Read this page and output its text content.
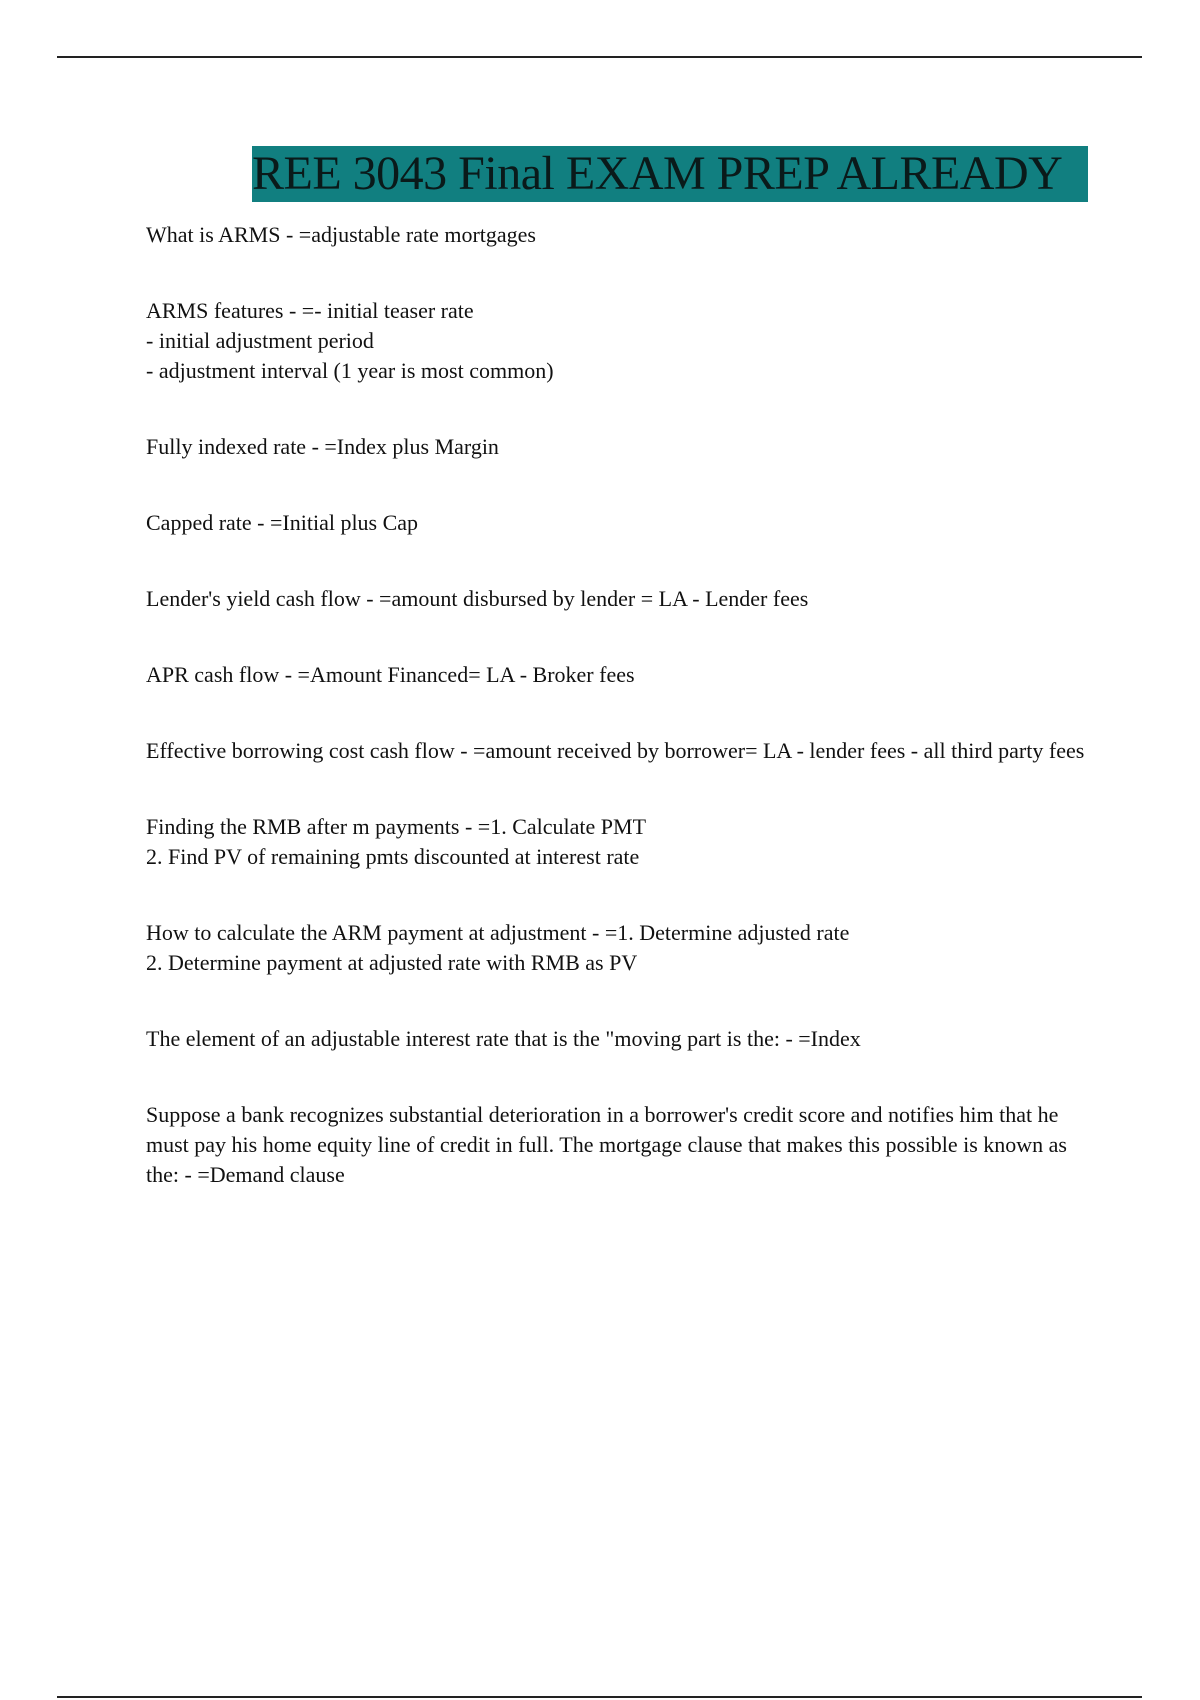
REE 3043 Final EXAM PREP ALREADY

What is ARMS - =adjustable rate mortgages

ARMS features - =- initial teaser rate

- initial adjustment period

- adjustment interval (1 year is most common)

Fully indexed rate - =Index plus Margin

Capped rate - =Initial plus Cap

Lender's yield cash flow - =amount disbursed by lender = LA - Lender fees

APR cash flow - =Amount Financed= LA - Broker fees

Effective borrowing cost cash flow - =amount received by borrower= LA - lender fees - all third party fees

Finding the RMB after m payments - =1. Calculate PMT

2. Find PV of remaining pmts discounted at interest rate

How to calculate the ARM payment at adjustment - =1. Determine adjusted rate

2. Determine payment at adjusted rate with RMB as PV

The element of an adjustable interest rate that is the "moving part is the: - =Index

Suppose a bank recognizes substantial deterioration in a borrower's credit score and notifies him that he must pay his home equity line of credit in full. The mortgage clause that makes this possible is known as the: - =Demand clause
